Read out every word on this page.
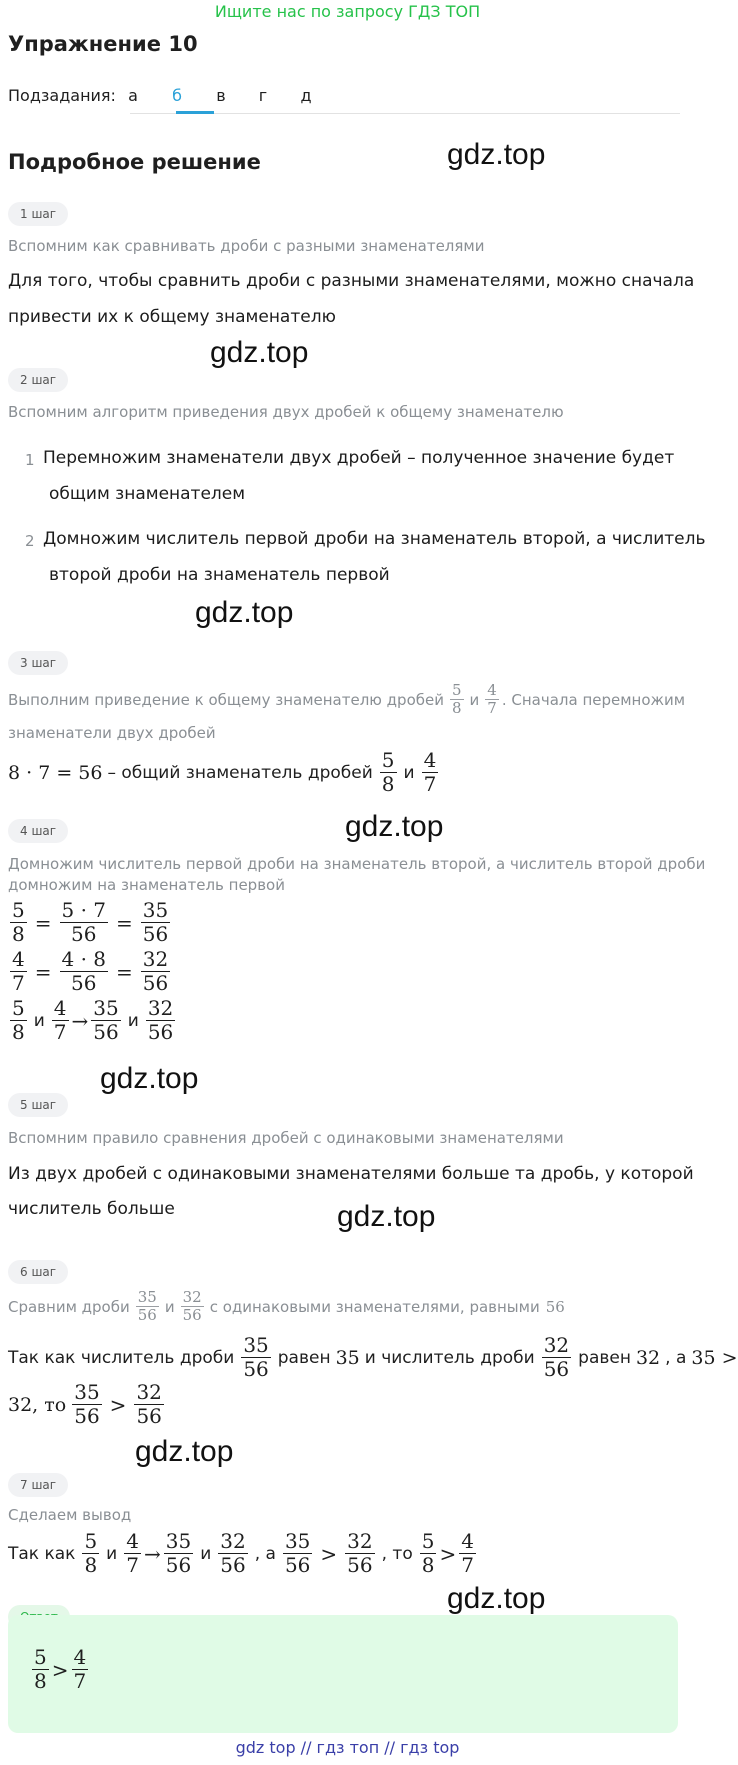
Ищите нас по запросу ГДЗ ТОП
Упражнение 10
Подзадания: а	б	в	г	д
Подробное решение	gdz.top
gdz.top
gdz.top
gdz.top
gdz.top
gdz.top
gdz.top
gdz.top
1 шаг
Вспомним как сравнивать дроби с разными знаменателями
Для того, чтобы сравнить дроби с разными знаменателями, можно сначала
привести их к общему знаменателю
2 шаг
Вспомним алгоритм приведения двух дробей к общему знаменателю
1 Перемножим знаменатели двух дробей – полученное значение будет
общим знаменателем
2 Домножим числитель первой дроби на знаменатель второй, а числитель
второй дроби на знаменатель первой
3 шаг
Выполним приведение к общему знаменателю дробей $\frac{5}{8}$ и $\frac{4}{7}$ . Сначала перемножим
знаменатели двух дробей
8 · 7 = 56 – общий знаменатель дробей $\frac{5}{8}$ и $\frac{4}{7}$
4 шаг
Домножим числитель первой дроби на знаменатель второй, а числитель второй дроби
домножим на знаменатель первой
$\frac{5}{8} = \frac{5 \cdot 7}{56} = \frac{35}{56}$
$\frac{4}{7} = \frac{4 \cdot 8}{56} = \frac{32}{56}$
$\frac{5}{8}$ и $\frac{4}{7} \to \frac{35}{56}$ и $\frac{32}{56}$
5 шаг
Вспомним правило сравнения дробей с одинаковыми знаменателями
Из двух дробей с одинаковыми знаменателями больше та дробь, у которой
числитель больше
6 шаг
Сравним дроби $\frac{35}{56}$ и $\frac{32}{56}$ с одинаковыми знаменателями, равными 56
Так как числитель дроби $\frac{35}{56}$ равен 35 и числитель дроби $\frac{32}{56}$ равен 32 , а 35 >
32, то $\frac{35}{56} > \frac{32}{56}$
7 шаг
Сделаем вывод
Так как $\frac{5}{8}$ и $\frac{4}{7} \to \frac{35}{56}$ и $\frac{32}{56}$ , а $\frac{35}{56} > \frac{32}{56}$ , то $\frac{5}{8} > \frac{4}{7}$
$\frac{5}{8} > \frac{4}{7}$
gdz top // гдз топ // гдз top
